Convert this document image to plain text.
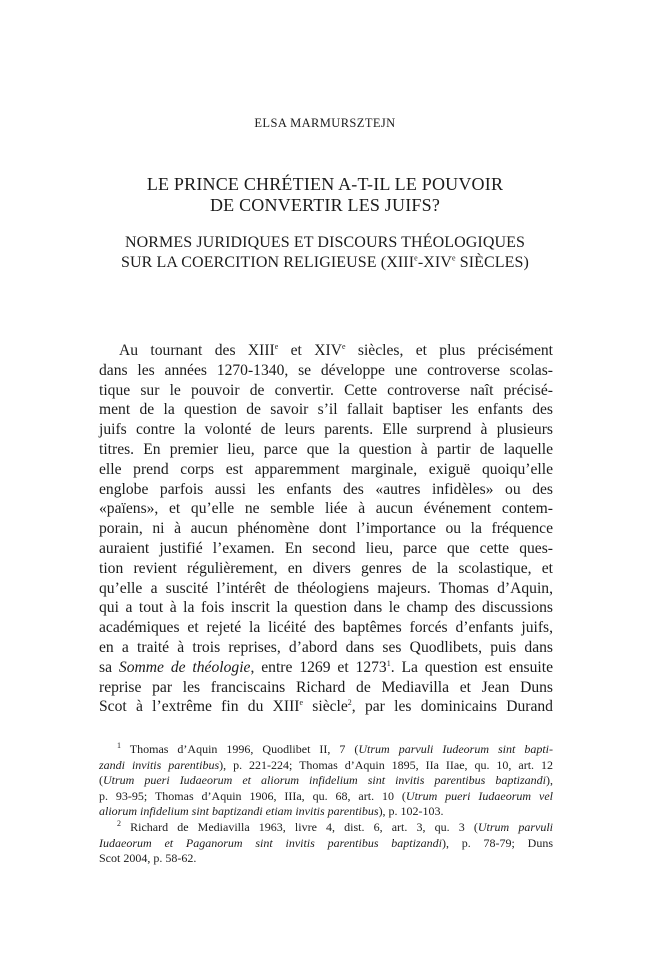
ELSA MARMURSZTEJN
LE PRINCE CHRÉTIEN A-T-IL LE POUVOIR
DE CONVERTIR LES JUIFS?
NORMES JURIDIQUES ET DISCOURS THÉOLOGIQUES
SUR LA COERCITION RELIGIEUSE (XIIIe-XIVe SIÈCLES)
Au tournant des XIIIe et XIVe siècles, et plus précisément
dans les années 1270-1340, se développe une controverse scolas-
tique sur le pouvoir de convertir. Cette controverse naît précisé-
ment de la question de savoir s’il fallait baptiser les enfants des
juifs contre la volonté de leurs parents. Elle surprend à plusieurs
titres. En premier lieu, parce que la question à partir de laquelle
elle prend corps est apparemment marginale, exiguë quoiqu’elle
englobe parfois aussi les enfants des «autres infidèles» ou des
«païens», et qu’elle ne semble liée à aucun événement contem-
porain, ni à aucun phénomène dont l’importance ou la fréquence
auraient justifié l’examen. En second lieu, parce que cette ques-
tion revient régulièrement, en divers genres de la scolastique, et
qu’elle a suscité l’intérêt de théologiens majeurs. Thomas d’Aquin,
qui a tout à la fois inscrit la question dans le champ des discussions
académiques et rejeté la licéité des baptêmes forcés d’enfants juifs,
en a traité à trois reprises, d’abord dans ses Quodlibets, puis dans
sa Somme de théologie, entre 1269 et 1273$^1$. La question est ensuite
reprise par les franciscains Richard de Mediavilla et Jean Duns
Scot à l’extrême fin du XIIIe siècle$^2$, par les dominicains Durand
$^1$ Thomas d’Aquin 1996, Quodlibet II, 7 (Utrum parvuli Iudeorum sint bapti-
zandi invitis parentibus), p. 221-224; Thomas d’Aquin 1895, IIa IIae, qu. 10, art. 12
(Utrum pueri Iudaeorum et aliorum infidelium sint invitis parentibus baptizandi),
p. 93-95; Thomas d’Aquin 1906, IIIa, qu. 68, art. 10 (Utrum pueri Iudaeorum vel
aliorum infidelium sint baptizandi etiam invitis parentibus), p. 102-103.
$^2$ Richard de Mediavilla 1963, livre 4, dist. 6, art. 3, qu. 3 (Utrum parvuli
Iudaeorum et Paganorum sint invitis parentibus baptizandi), p. 78-79; Duns
Scot 2004, p. 58-62.
